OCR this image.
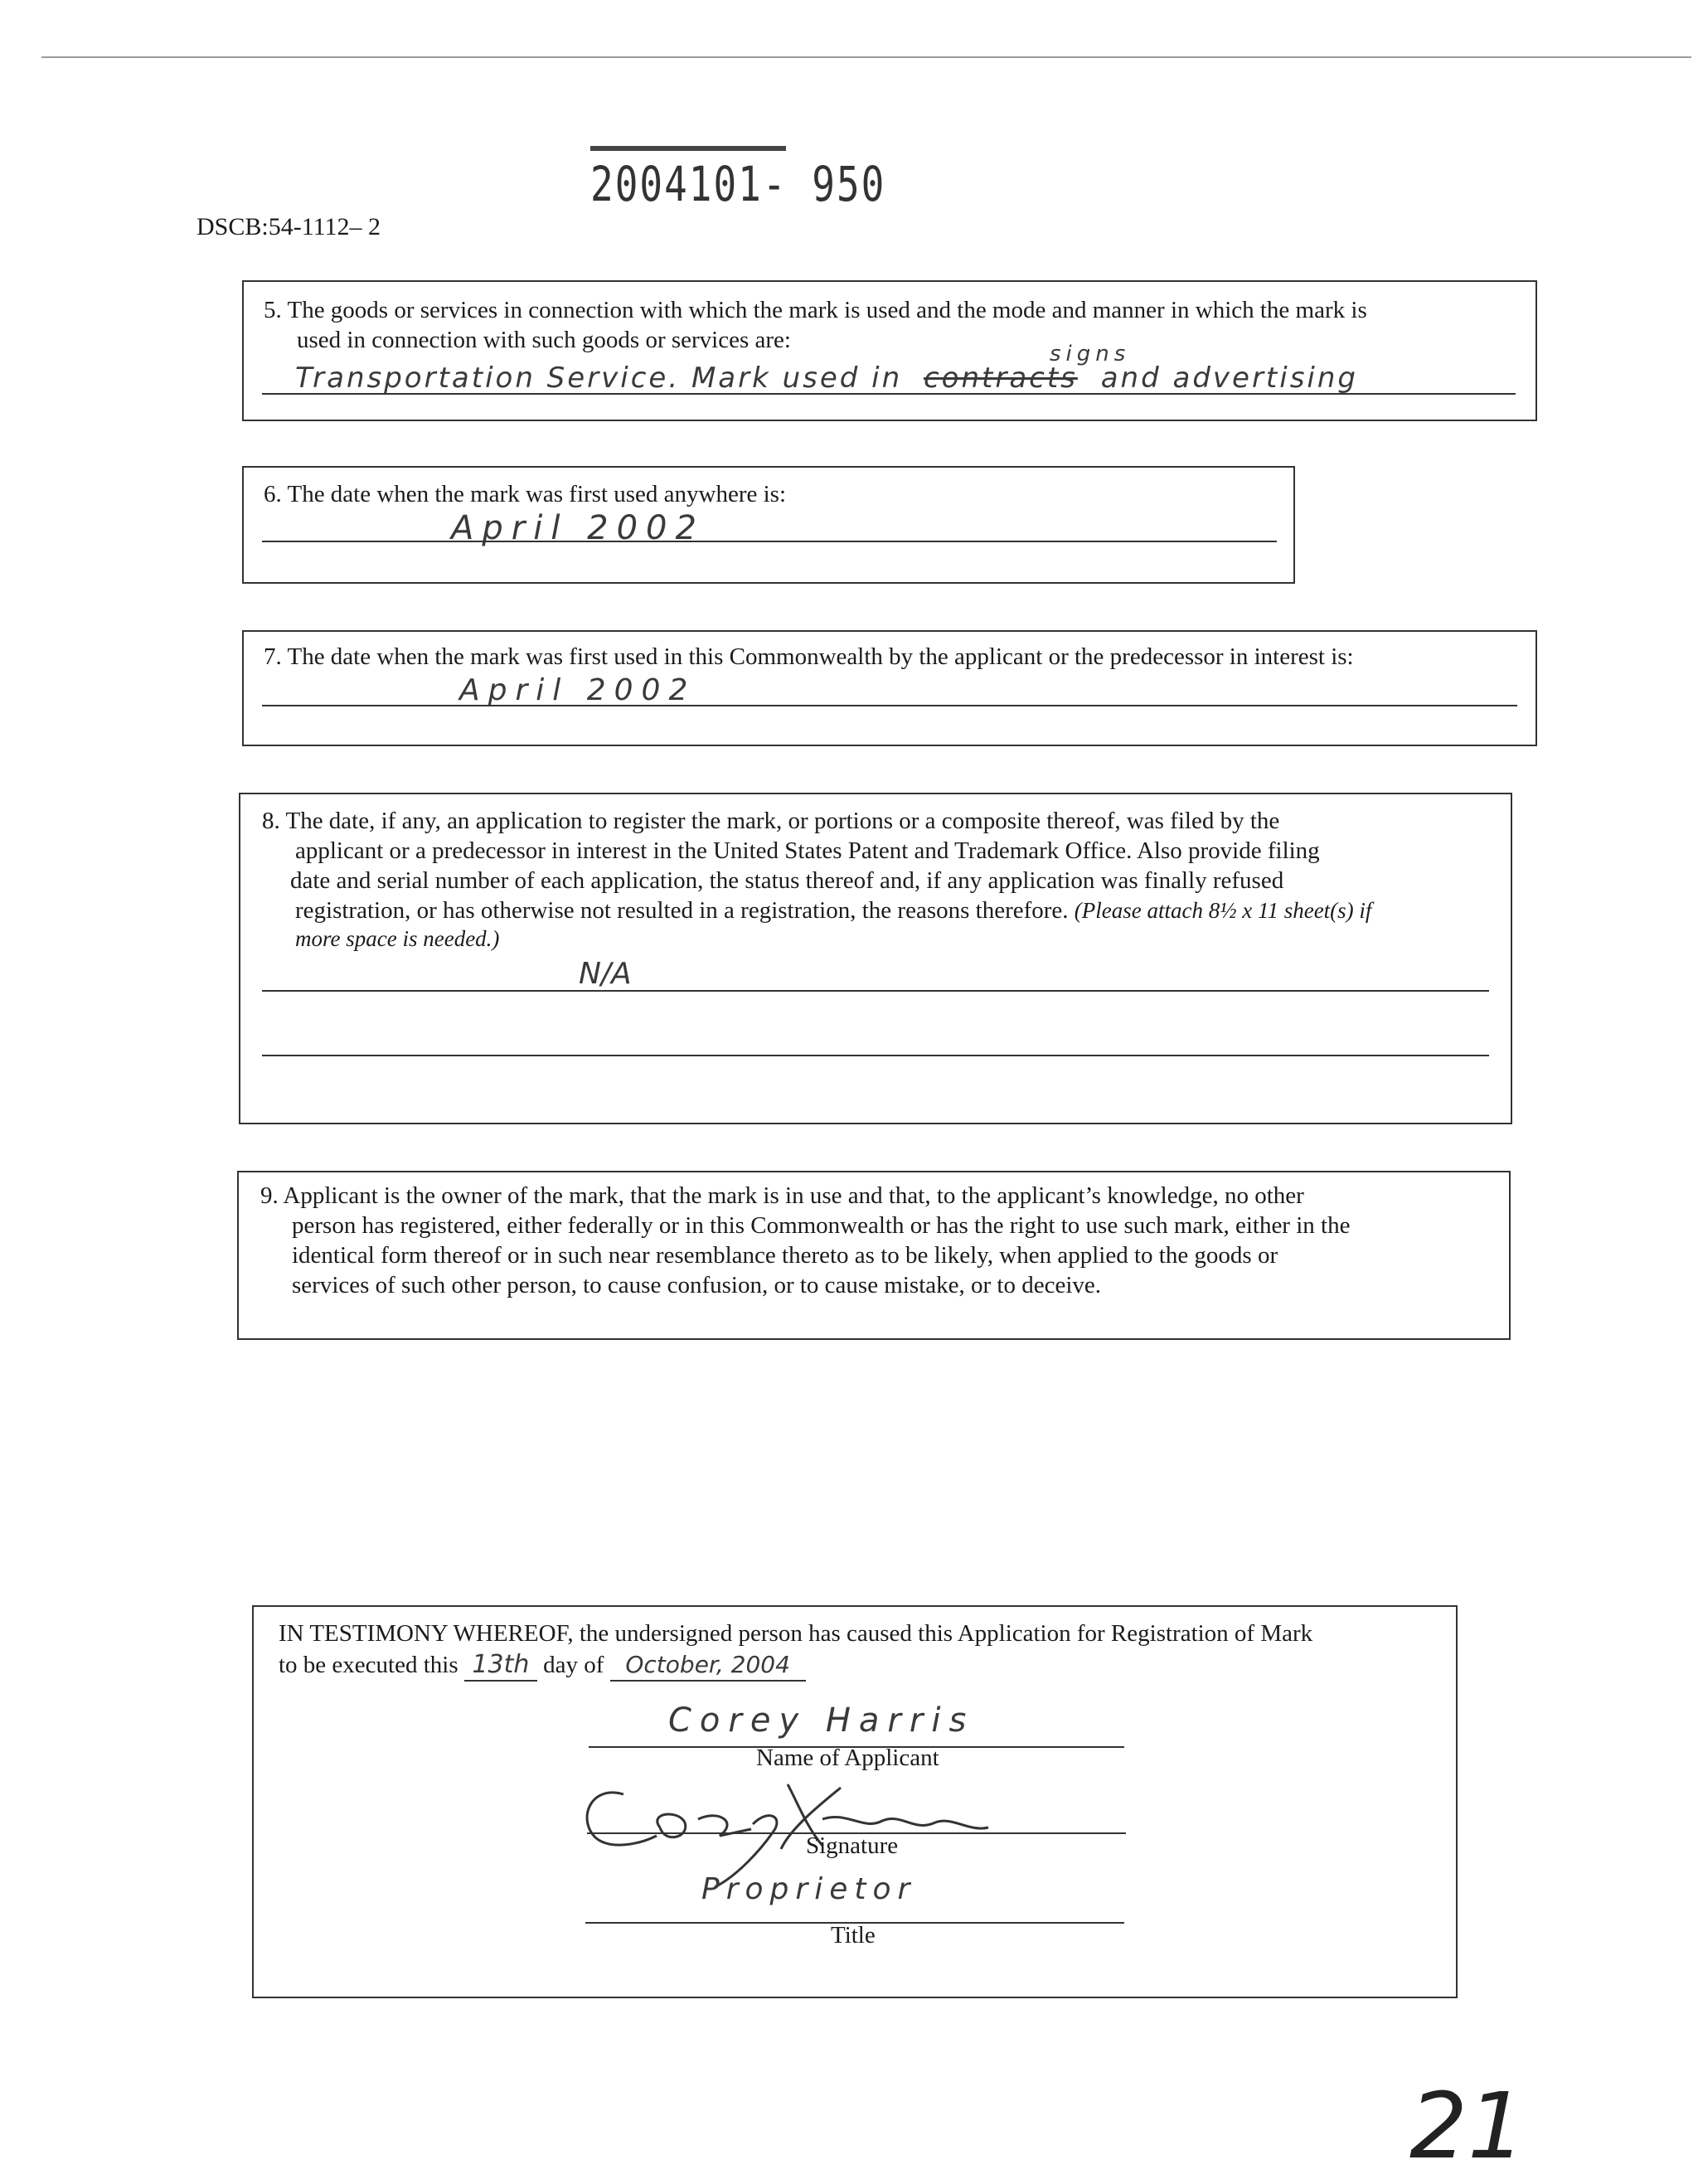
2004101- 950
DSCB:54-1112– 2
5. The goods or services in connection with which the mark is used and the mode and manner in which the mark is
used in connection with such goods or services are:
signs
Transportation Service. Mark used in contracts and advertising
6. The date when the mark was first used anywhere is:
April 2002
7. The date when the mark was first used in this Commonwealth by the applicant or the predecessor in interest is:
April 2002
8. The date, if any, an application to register the mark, or portions or a composite thereof, was filed by the
applicant or a predecessor in interest in the United States Patent and Trademark Office. Also provide filing
date and serial number of each application, the status thereof and, if any application was finally refused
registration, or has otherwise not resulted in a registration, the reasons therefore. (Please attach 8½ x 11 sheet(s) if
more space is needed.)
N/A
9. Applicant is the owner of the mark, that the mark is in use and that, to the applicant’s knowledge, no other
person has registered, either federally or in this Commonwealth or has the right to use such mark, either in the
identical form thereof or in such near resemblance thereto as to be likely, when applied to the goods or
services of such other person, to cause confusion, or to cause mistake, or to deceive.
IN TESTIMONY WHEREOF, the undersigned person has caused this Application for Registration of Mark
to be executed this 13th day of October, 2004
Corey Harris
Name of Applicant
Signature
Proprietor
Title
21
